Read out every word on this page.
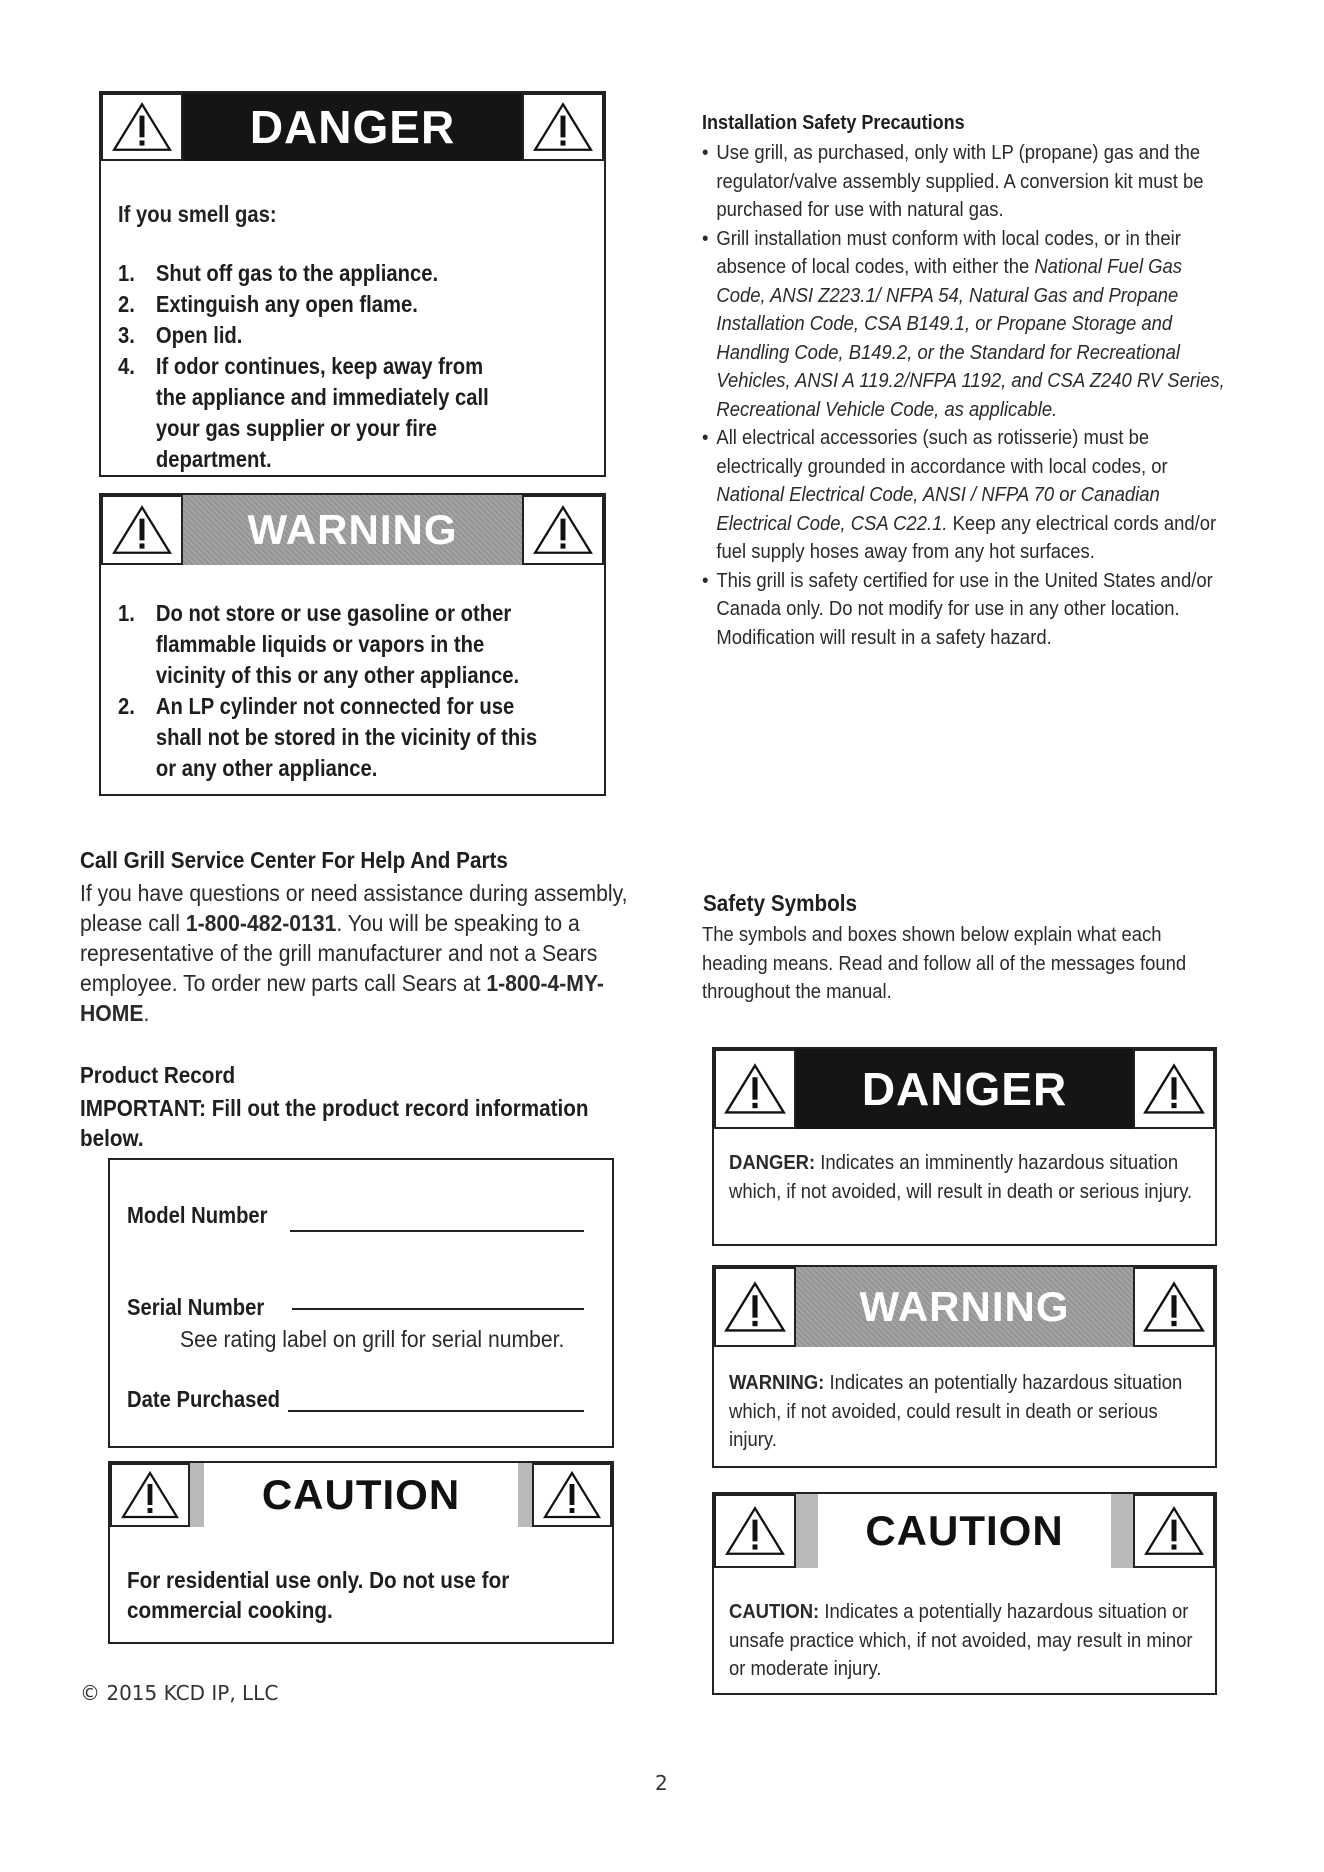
DANGER
If you smell gas:
1. Shut off gas to the appliance.
2. Extinguish any open flame.
3. Open lid.
4. If odor continues, keep away from the appliance and immediately call your gas supplier or your fire department.
WARNING
1. Do not store or use gasoline or other flammable liquids or vapors in the vicinity of this or any other appliance.
2. An LP cylinder not connected for use shall not be stored in the vicinity of this or any other appliance.
Call Grill Service Center For Help And Parts
If you have questions or need assistance during assembly, please call 1-800-482-0131. You will be speaking to a representative of the grill manufacturer and not a Sears employee. To order new parts call Sears at 1-800-4-MY-HOME.
Product Record
IMPORTANT: Fill out the product record information below.
Model Number
Serial Number
See rating label on grill for serial number.
Date Purchased
CAUTION
For residential use only. Do not use for commercial cooking.
© 2015 KCD IP, LLC
Installation Safety Precautions
• Use grill, as purchased, only with LP (propane) gas and the regulator/valve assembly supplied. A conversion kit must be purchased for use with natural gas.
• Grill installation must conform with local codes, or in their absence of local codes, with either the National Fuel Gas Code, ANSI Z223.1/ NFPA 54, Natural Gas and Propane Installation Code, CSA B149.1, or Propane Storage and Handling Code, B149.2, or the Standard for Recreational Vehicles, ANSI A 119.2/NFPA 1192, and CSA Z240 RV Series, Recreational Vehicle Code, as applicable.
• All electrical accessories (such as rotisserie) must be electrically grounded in accordance with local codes, or National Electrical Code, ANSI / NFPA 70 or Canadian Electrical Code, CSA C22.1. Keep any electrical cords and/or fuel supply hoses away from any hot surfaces.
• This grill is safety certified for use in the United States and/or Canada only. Do not modify for use in any other location. Modification will result in a safety hazard.
Safety Symbols
The symbols and boxes shown below explain what each heading means. Read and follow all of the messages found throughout the manual.
DANGER
DANGER: Indicates an imminently hazardous situation which, if not avoided, will result in death or serious injury.
WARNING
WARNING: Indicates an potentially hazardous situation which, if not avoided, could result in death or serious injury.
CAUTION
CAUTION: Indicates a potentially hazardous situation or unsafe practice which, if not avoided, may result in minor or moderate injury.
2
